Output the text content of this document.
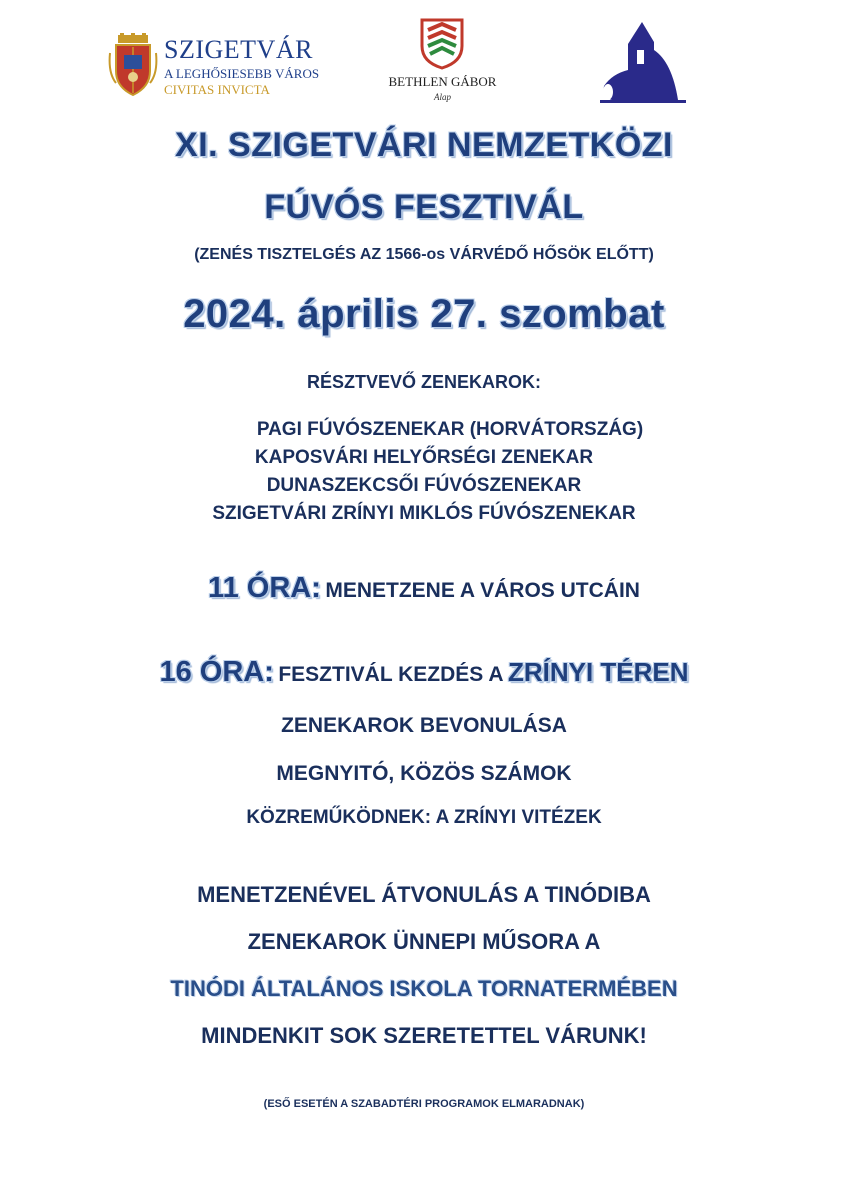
SZIGETVÁR
A LEGHŐSIESEBB VÁROS
CIVITAS INVICTA
BETHLEN GÁBOR
Alap
XI. SZIGETVÁRI NEMZETKÖZI
FÚVÓS FESZTIVÁL
(ZENÉS TISZTELGÉS AZ 1566-os VÁRVÉDŐ HŐSÖK ELŐTT)
2024. április 27. szombat
RÉSZTVEVŐ ZENEKAROK:
PAGI FÚVÓSZENEKAR (HORVÁTORSZÁG)
KAPOSVÁRI HELYŐRSÉGI ZENEKAR
DUNASZEKCSŐI FÚVÓSZENEKAR
SZIGETVÁRI ZRÍNYI MIKLÓS FÚVÓSZENEKAR
11 ÓRA: MENETZENE A VÁROS UTCÁIN
16 ÓRA: FESZTIVÁL KEZDÉS A ZRÍNYI TÉREN
ZENEKAROK BEVONULÁSA
MEGNYITÓ, KÖZÖS SZÁMOK
KÖZREMŰKÖDNEK: A ZRÍNYI VITÉZEK
MENETZENÉVEL ÁTVONULÁS A TINÓDIBA
ZENEKAROK ÜNNEPI MŰSORA A
TINÓDI ÁLTALÁNOS ISKOLA TORNATERMÉBEN
MINDENKIT SOK SZERETETTEL VÁRUNK!
(ESŐ ESETÉN A SZABADTÉRI PROGRAMOK ELMARADNAK)
